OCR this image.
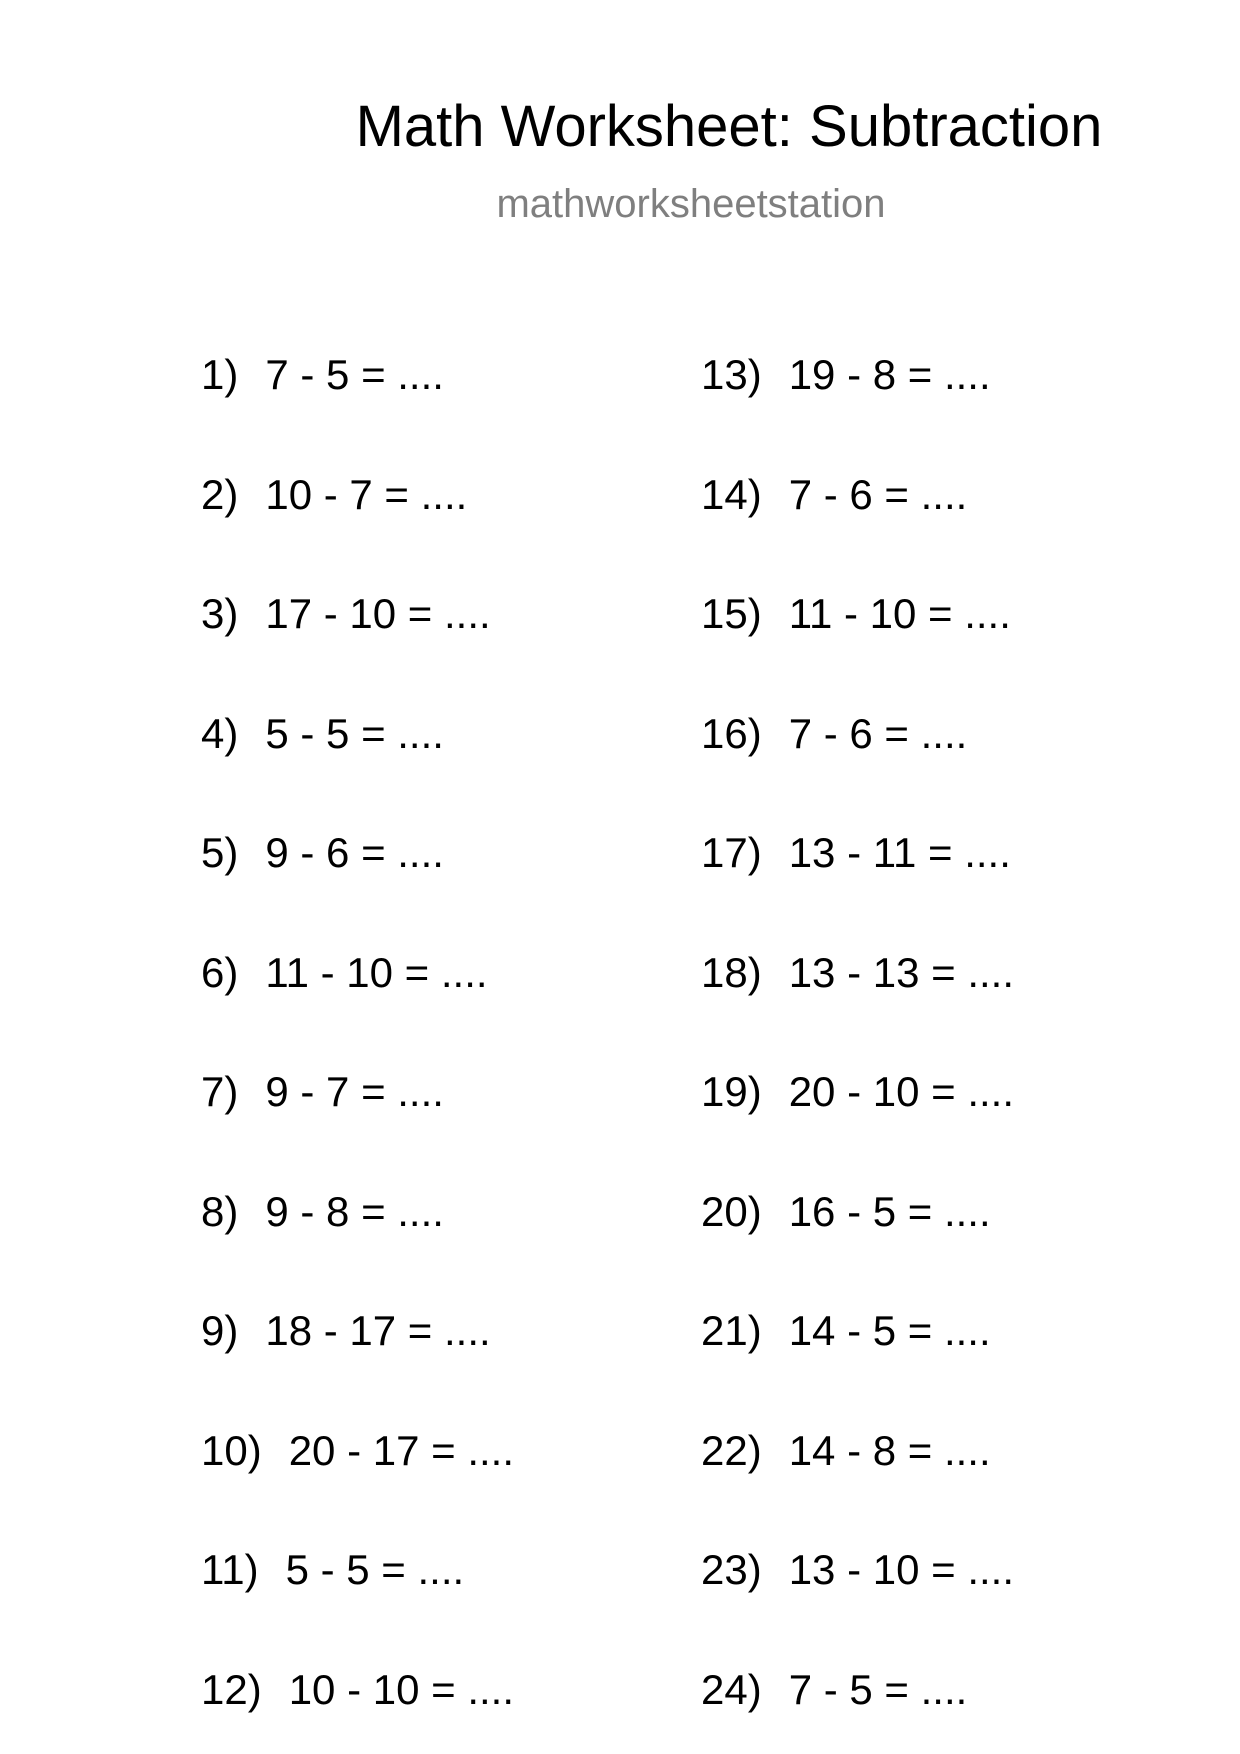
Math Worksheet: Subtraction
mathworksheetstation
1) 7 - 5 = ....
2) 10 - 7 = ....
3) 17 - 10 = ....
4) 5 - 5 = ....
5) 9 - 6 = ....
6) 11 - 10 = ....
7) 9 - 7 = ....
8) 9 - 8 = ....
9) 18 - 17 = ....
10) 20 - 17 = ....
11) 5 - 5 = ....
12) 10 - 10 = ....
13) 19 - 8 = ....
14) 7 - 6 = ....
15) 11 - 10 = ....
16) 7 - 6 = ....
17) 13 - 11 = ....
18) 13 - 13 = ....
19) 20 - 10 = ....
20) 16 - 5 = ....
21) 14 - 5 = ....
22) 14 - 8 = ....
23) 13 - 10 = ....
24) 7 - 5 = ....
